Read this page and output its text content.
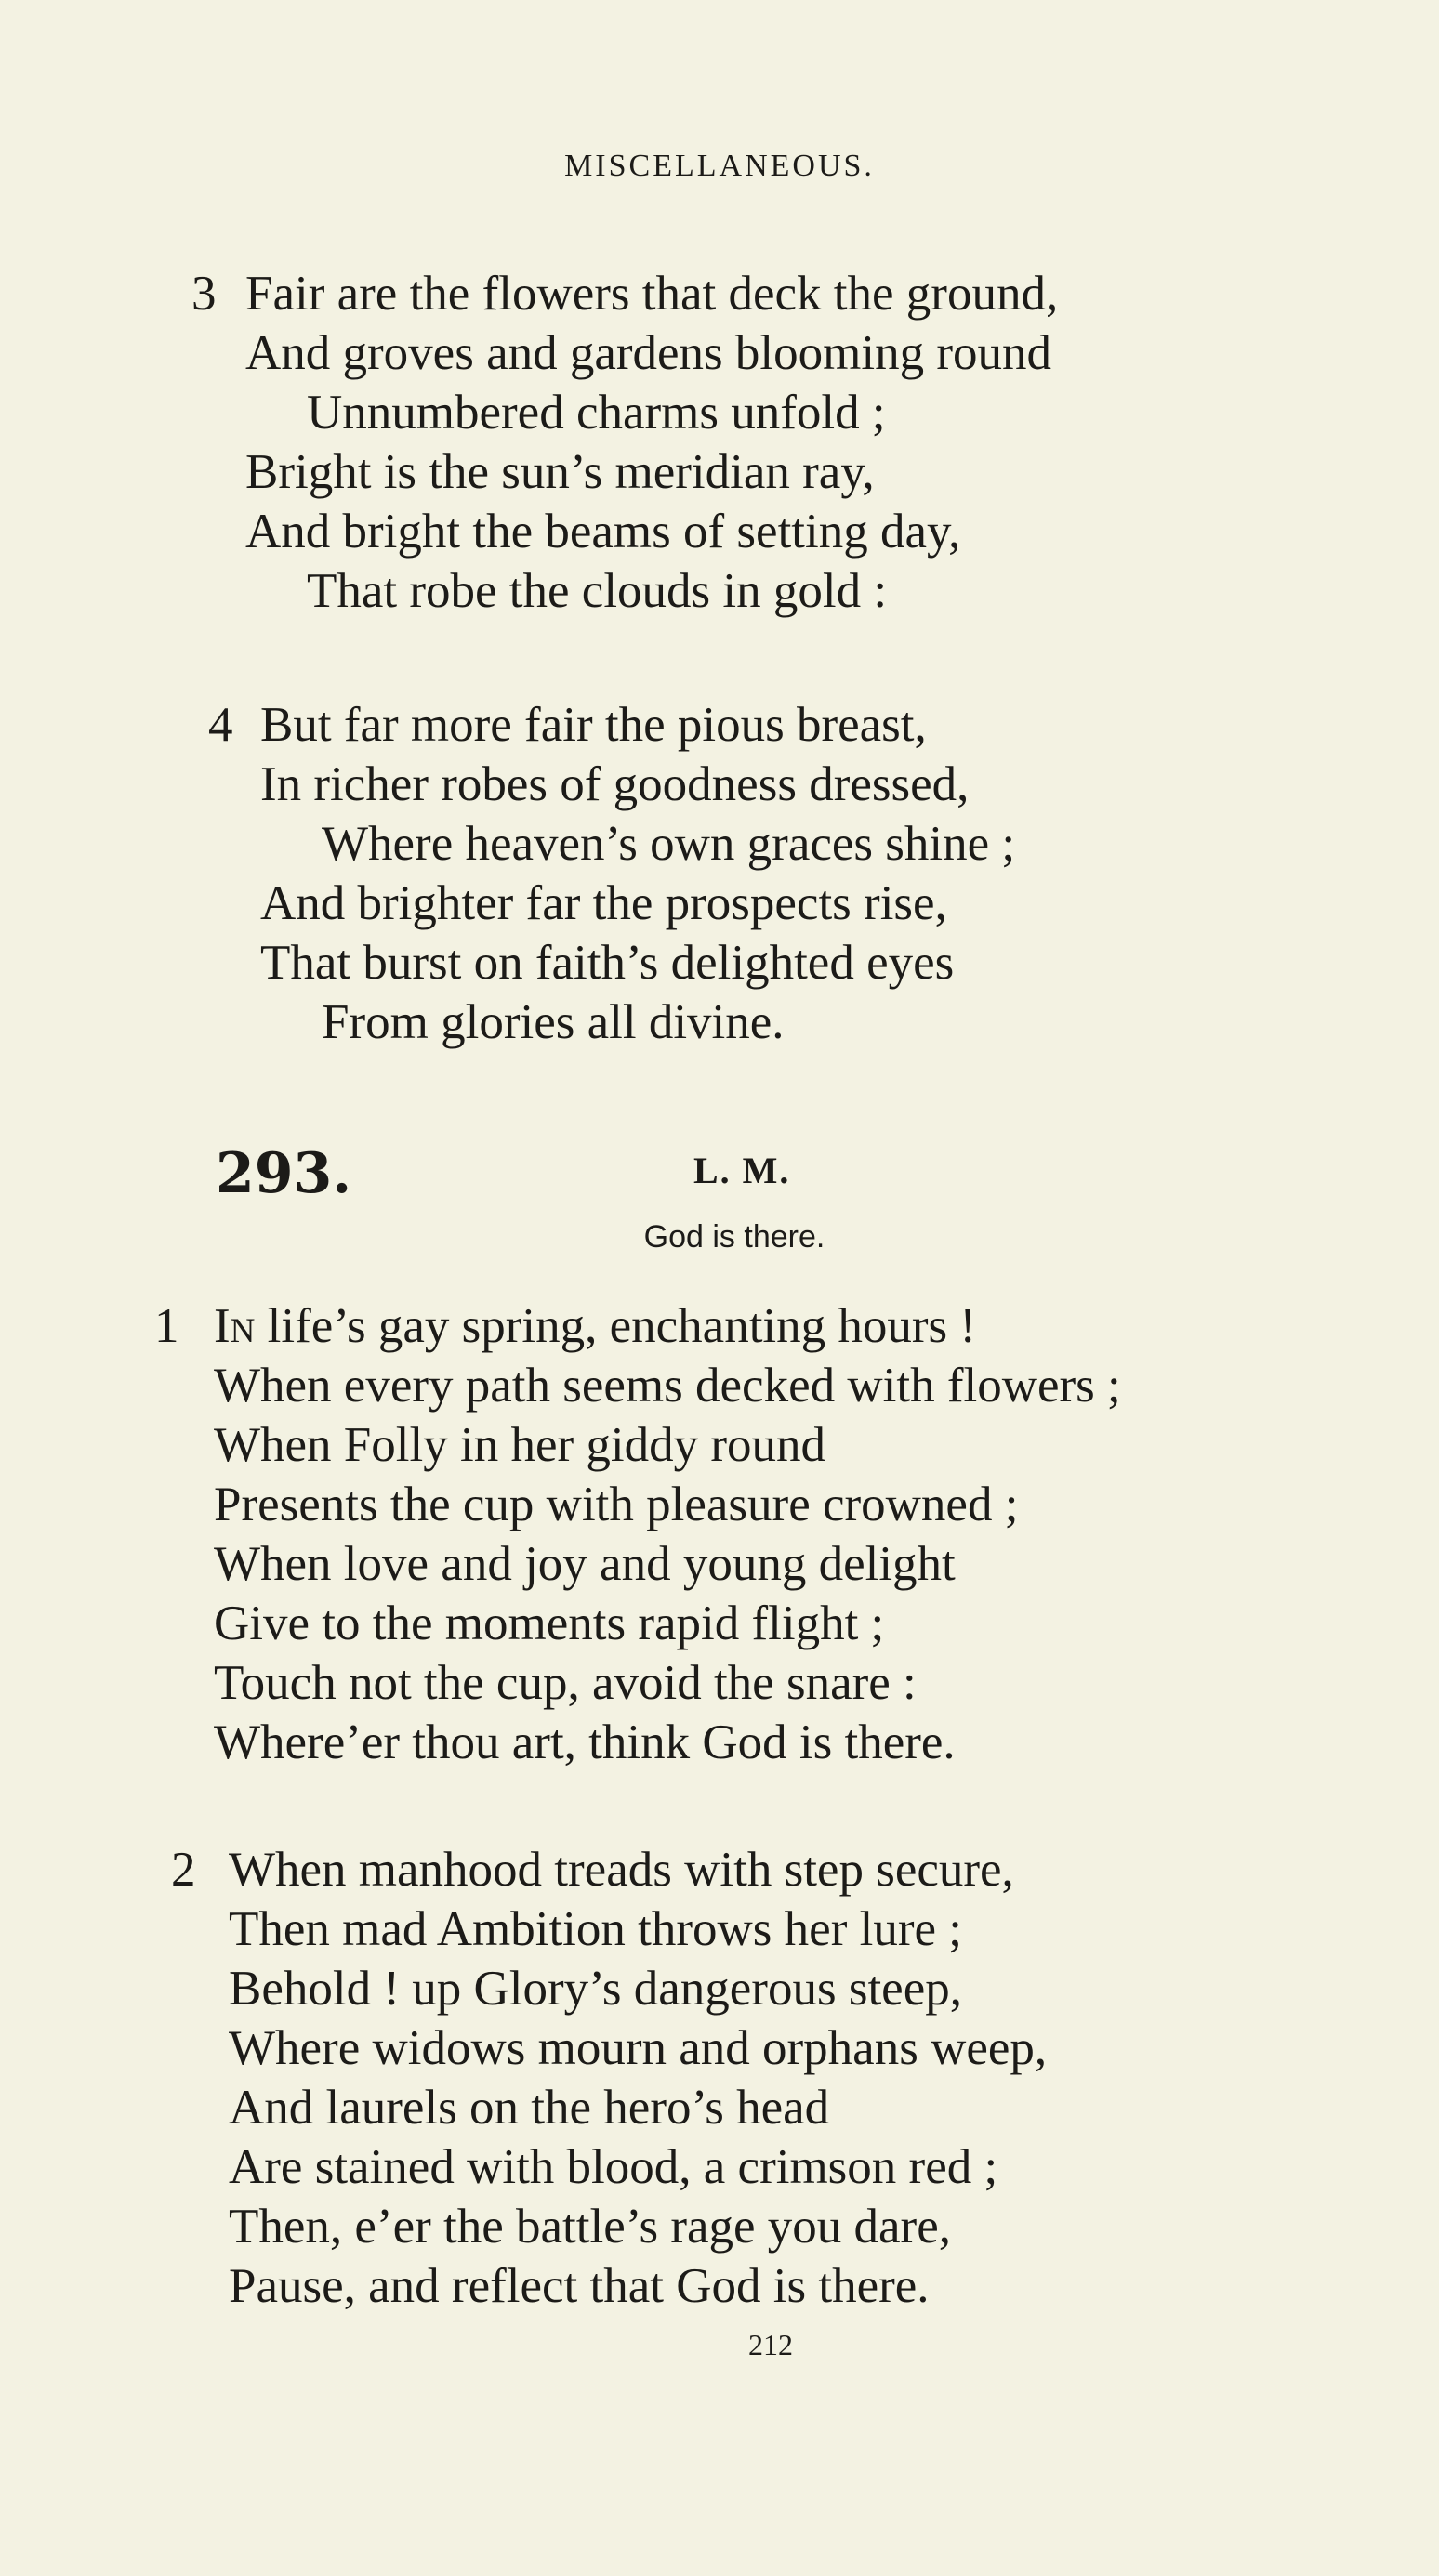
MISCELLANEOUS.
3 Fair are the flowers that deck the ground,
And groves and gardens blooming round
Unnumbered charms unfold ;
Bright is the sun’s meridian ray,
And bright the beams of setting day,
That robe the clouds in gold :
4 But far more fair the pious breast,
In richer robes of goodness dressed,
Where heaven’s own graces shine ;
And brighter far the prospects rise,
That burst on faith’s delighted eyes
From glories all divine.
293.	L. M.
God is there.
1 In life’s gay spring, enchanting hours !
When every path seems decked with flowers ;
When Folly in her giddy round
Presents the cup with pleasure crowned ;
When love and joy and young delight
Give to the moments rapid flight ;
Touch not the cup, avoid the snare :
Where’er thou art, think God is there.
2 When manhood treads with step secure,
Then mad Ambition throws her lure ;
Behold ! up Glory’s dangerous steep,
Where widows mourn and orphans weep,
And laurels on the hero’s head
Are stained with blood, a crimson red ;
Then, e’er the battle’s rage you dare,
Pause, and reflect that God is there.
212
